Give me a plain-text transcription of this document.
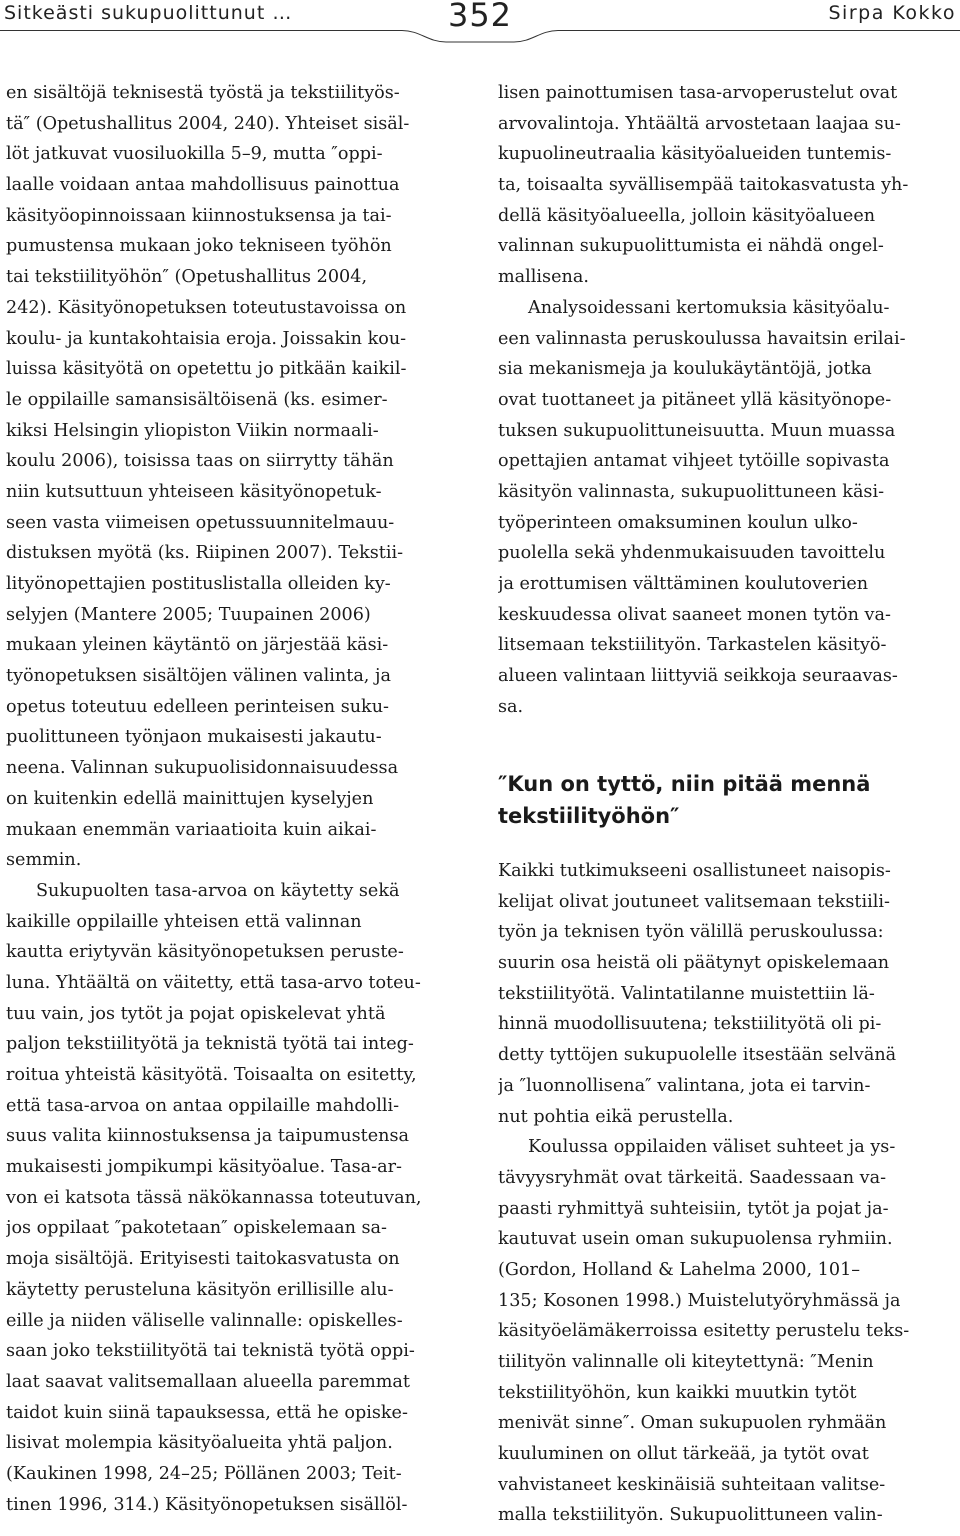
Sitkeästi sukupuolittunut …	352	Sirpa Kokko
en sisältöjä teknisestä työstä ja tekstiilityös-
tä″ (Opetushallitus 2004, 240). Yhteiset sisäl-
löt jatkuvat vuosiluokilla 5–9, mutta ″oppi-
laalle voidaan antaa mahdollisuus painottua
käsityöopinnoissaan kiinnostuksensa ja tai-
pumustensa mukaan joko tekniseen työhön
tai tekstiilityöhön″ (Opetushallitus 2004,
242). Käsityönopetuksen toteutustavoissa on
koulu- ja kuntakohtaisia eroja. Joissakin kou-
luissa käsityötä on opetettu jo pitkään kaikil-
le oppilaille samansisältöisenä (ks. esimer-
kiksi Helsingin yliopiston Viikin normaali-
koulu 2006), toisissa taas on siirrytty tähän
niin kutsuttuun yhteiseen käsityönopetuk-
seen vasta viimeisen opetussuunnitelmauu-
distuksen myötä (ks. Riipinen 2007). Tekstii-
lityönopettajien postituslistalla olleiden ky-
selyjen (Mantere 2005; Tuupainen 2006)
mukaan yleinen käytäntö on järjestää käsi-
työnopetuksen sisältöjen välinen valinta, ja
opetus toteutuu edelleen perinteisen suku-
puolittuneen työnjaon mukaisesti jakautu-
neena. Valinnan sukupuolisidonnaisuudessa
on kuitenkin edellä mainittujen kyselyjen
mukaan enemmän variaatioita kuin aikai-
semmin.
Sukupuolten tasa-arvoa on käytetty sekä
kaikille oppilaille yhteisen että valinnan
kautta eriytyvän käsityönopetuksen peruste-
luna. Yhtäältä on väitetty, että tasa-arvo toteu-
tuu vain, jos tytöt ja pojat opiskelevat yhtä
paljon tekstiilityötä ja teknistä työtä tai integ-
roitua yhteistä käsityötä. Toisaalta on esitetty,
että tasa-arvoa on antaa oppilaille mahdolli-
suus valita kiinnostuksensa ja taipumustensa
mukaisesti jompikumpi käsityöalue. Tasa-ar-
von ei katsota tässä näkökannassa toteutuvan,
jos oppilaat ″pakotetaan″ opiskelemaan sa-
moja sisältöjä. Erityisesti taitokasvatusta on
käytetty perusteluna käsityön erillisille alu-
eille ja niiden väliselle valinnalle: opiskelles-
saan joko tekstiilityötä tai teknistä työtä oppi-
laat saavat valitsemallaan alueella paremmat
taidot kuin siinä tapauksessa, että he opiske-
lisivat molempia käsityöalueita yhtä paljon.
(Kaukinen 1998, 24–25; Pöllänen 2003; Teit-
tinen 1996, 314.) Käsityönopetuksen sisällöl-
lisen painottumisen tasa-arvoperustelut ovat
arvovalintoja. Yhtäältä arvostetaan laajaa su-
kupuolineutraalia käsityöalueiden tuntemis-
ta, toisaalta syvällisempää taitokasvatusta yh-
dellä käsityöalueella, jolloin käsityöalueen
valinnan sukupuolittumista ei nähdä ongel-
mallisena.
Analysoidessani kertomuksia käsityöalu-
een valinnasta peruskoulussa havaitsin erilai-
sia mekanismeja ja koulukäytäntöjä, jotka
ovat tuottaneet ja pitäneet yllä käsityönope-
tuksen sukupuolittuneisuutta. Muun muassa
opettajien antamat vihjeet tytöille sopivasta
käsityön valinnasta, sukupuolittuneen käsi-
työperinteen omaksuminen koulun ulko-
puolella sekä yhdenmukaisuuden tavoittelu
ja erottumisen välttäminen koulutoverien
keskuudessa olivat saaneet monen tytön va-
litsemaan tekstiilityön. Tarkastelen käsityö-
alueen valintaan liittyviä seikkoja seuraavas-
sa.
″Kun on tyttö, niin pitää mennä
tekstiilityöhön″
Kaikki tutkimukseeni osallistuneet naisopis-
kelijat olivat joutuneet valitsemaan tekstiili-
työn ja teknisen työn välillä peruskoulussa:
suurin osa heistä oli päätynyt opiskelemaan
tekstiilityötä. Valintatilanne muistettiin lä-
hinnä muodollisuutena; tekstiilityötä oli pi-
detty tyttöjen sukupuolelle itsestään selvänä
ja ″luonnollisena″ valintana, jota ei tarvin-
nut pohtia eikä perustella.
Koulussa oppilaiden väliset suhteet ja ys-
tävyysryhmät ovat tärkeitä. Saadessaan va-
paasti ryhmittyä suhteisiin, tytöt ja pojat ja-
kautuvat usein oman sukupuolensa ryhmiin.
(Gordon, Holland & Lahelma 2000, 101–
135; Kosonen 1998.) Muistelutyöryhmässä ja
käsityöelämäkerroissa esitetty perustelu teks-
tiilityön valinnalle oli kiteytettynä: ″Menin
tekstiilityöhön, kun kaikki muutkin tytöt
menivät sinne″. Oman sukupuolen ryhmään
kuuluminen on ollut tärkeää, ja tytöt ovat
vahvistaneet keskinäisiä suhteitaan valitse-
malla tekstiilityön. Sukupuolittuneen valin-
